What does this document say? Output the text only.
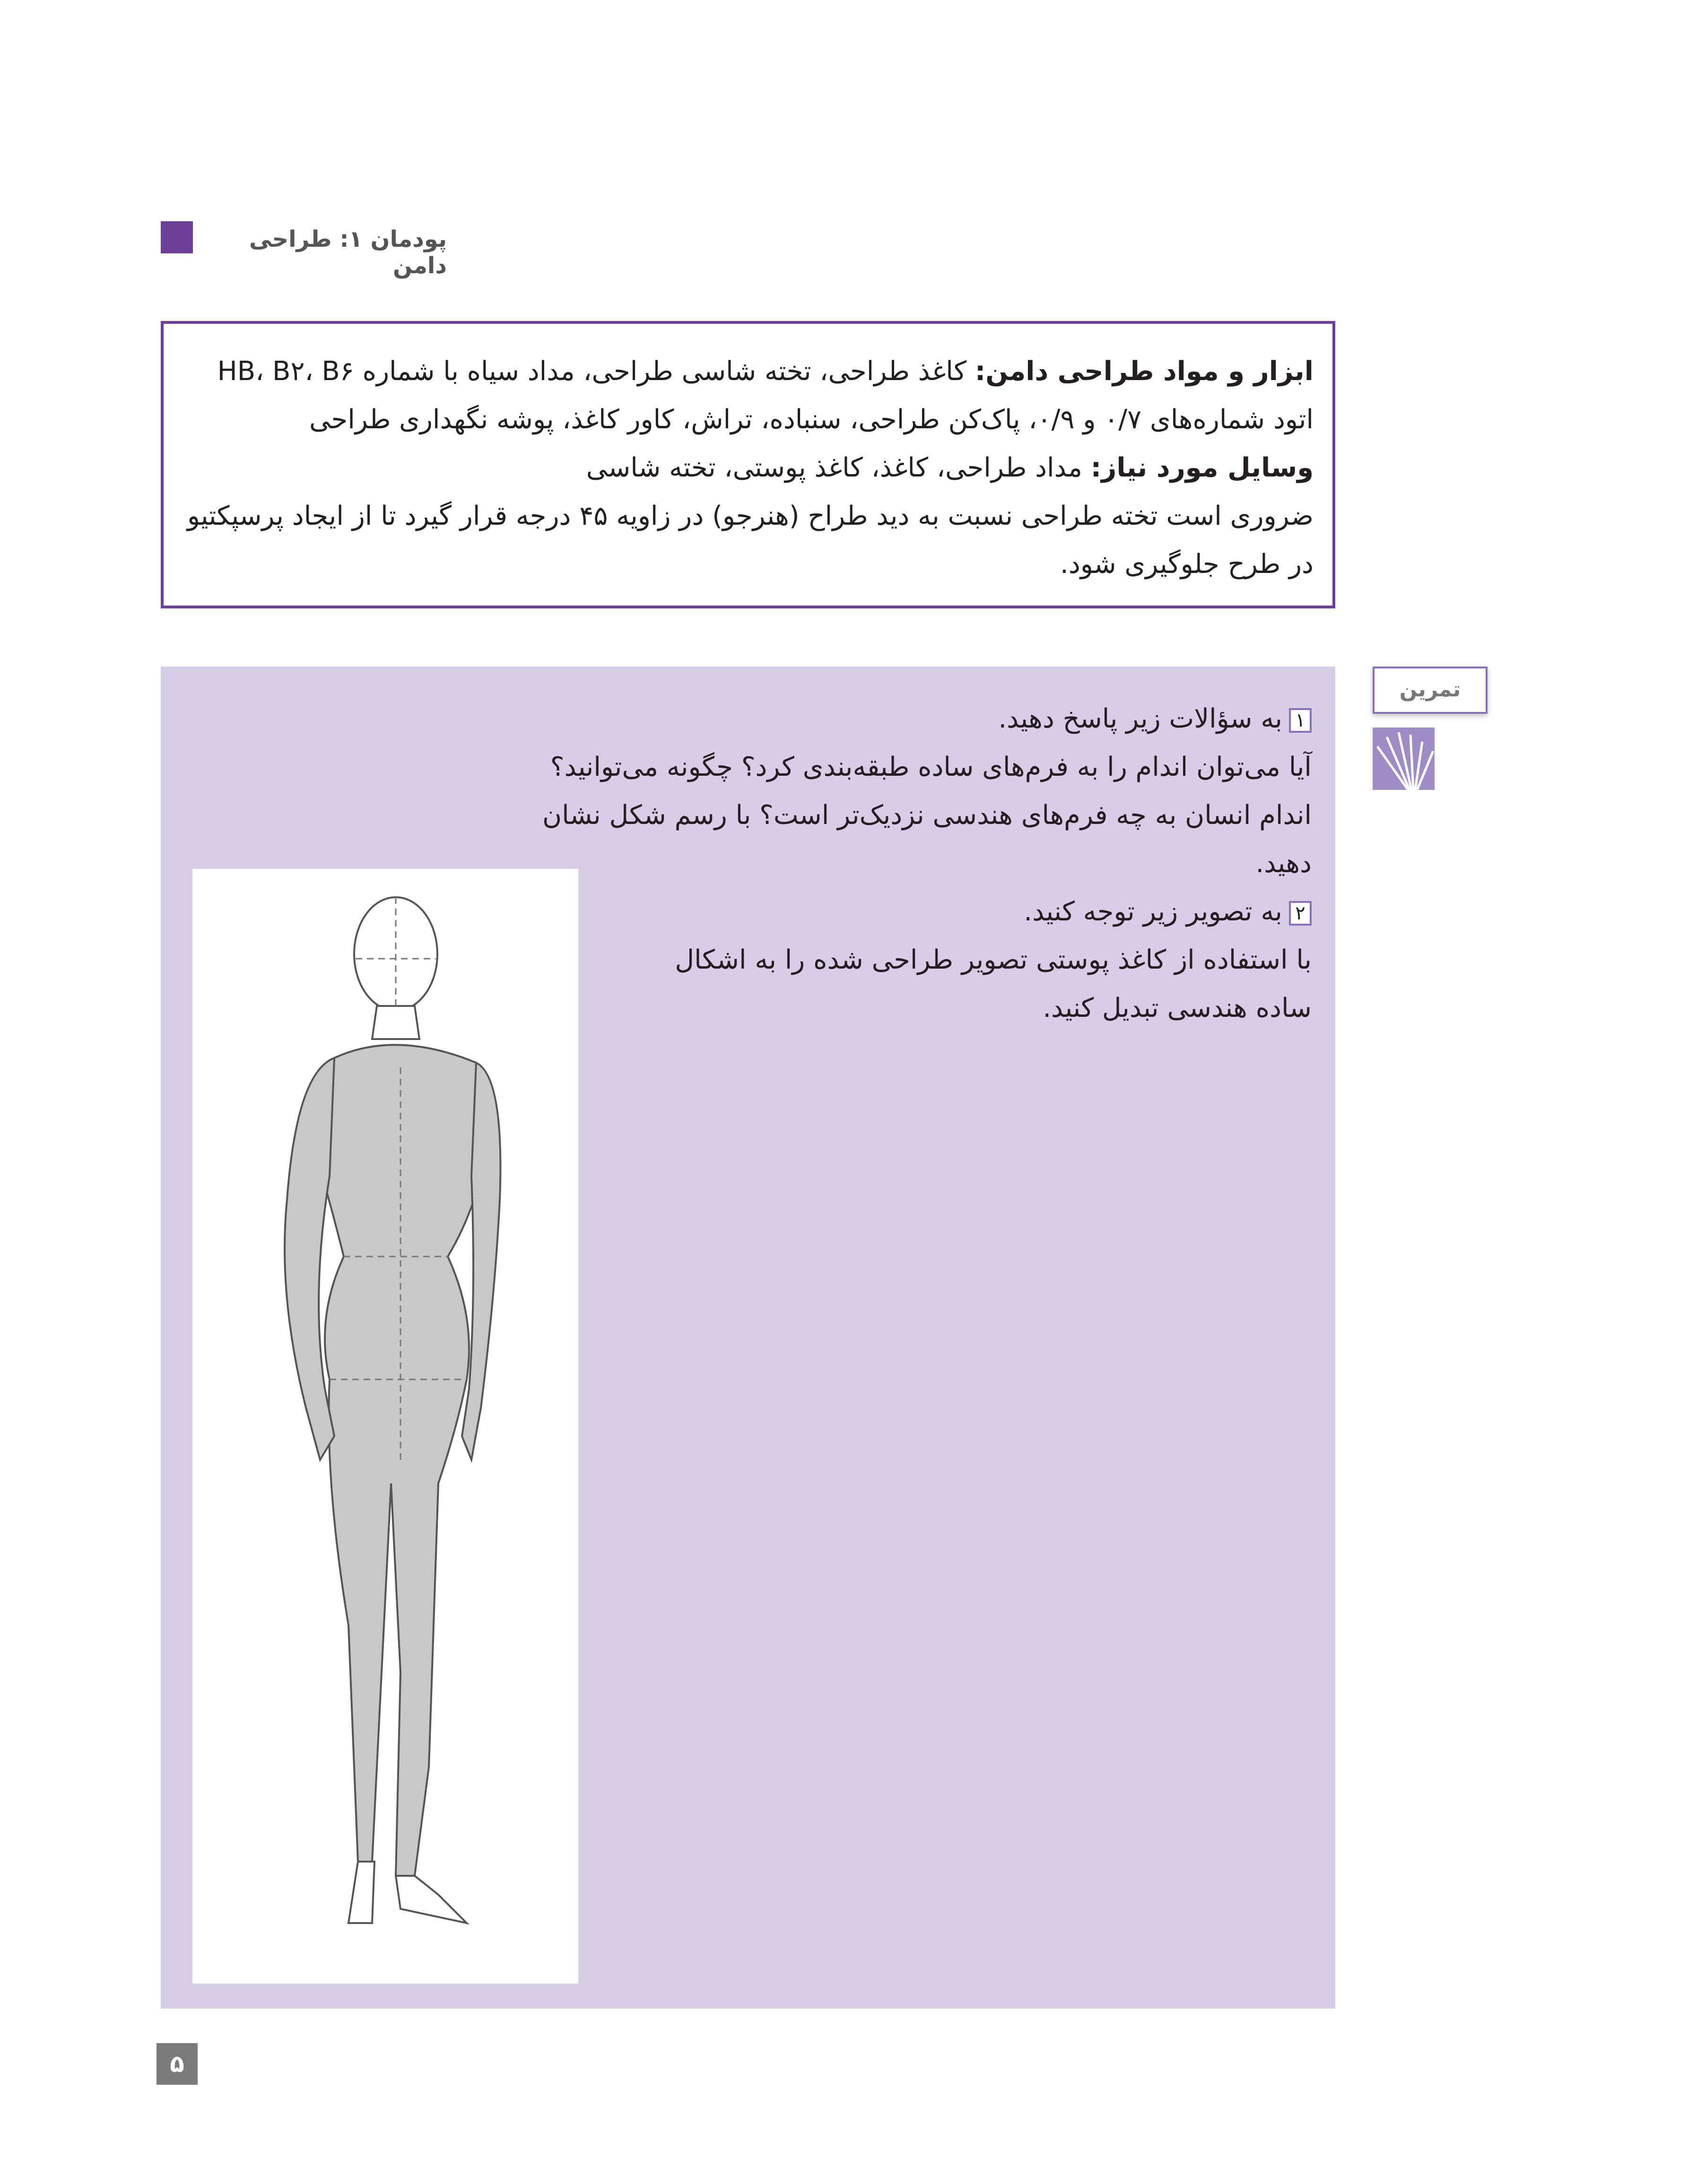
پودمان ۱: طراحی دامن

ابزار و مواد طراحی دامن: کاغذ طراحی، تخته شاسی طراحی، مداد سیاه با شماره HB، B۲، B۶ اتود شماره‌های ۰/۷ و ۰/۹، پاک‌کن طراحی، سنباده، تراش، کاور کاغذ، پوشه نگهداری طراحی

وسایل مورد نیاز: مداد طراحی، کاغذ، کاغذ پوستی، تخته شاسی

ضروری است تخته طراحی نسبت به دید طراح (هنرجو) در زاویه ۴۵ درجه قرار گیرد تا از ایجاد پرسپکتیو در طرح جلوگیری شود.

۱به سؤالات زیر پاسخ دهید.

آیا می‌توان اندام را به فرم‌های ساده طبقه‌بندی کرد؟ چگونه می‌توانید؟

اندام انسان به چه فرم‌های هندسی نزدیک‌تر است؟ با رسم شکل نشان دهید.

۲به تصویر زیر توجه کنید.

با استفاده از کاغذ پوستی تصویر طراحی شده را به اشکال ساده هندسی تبدیل کنید.

تمرین
۵
